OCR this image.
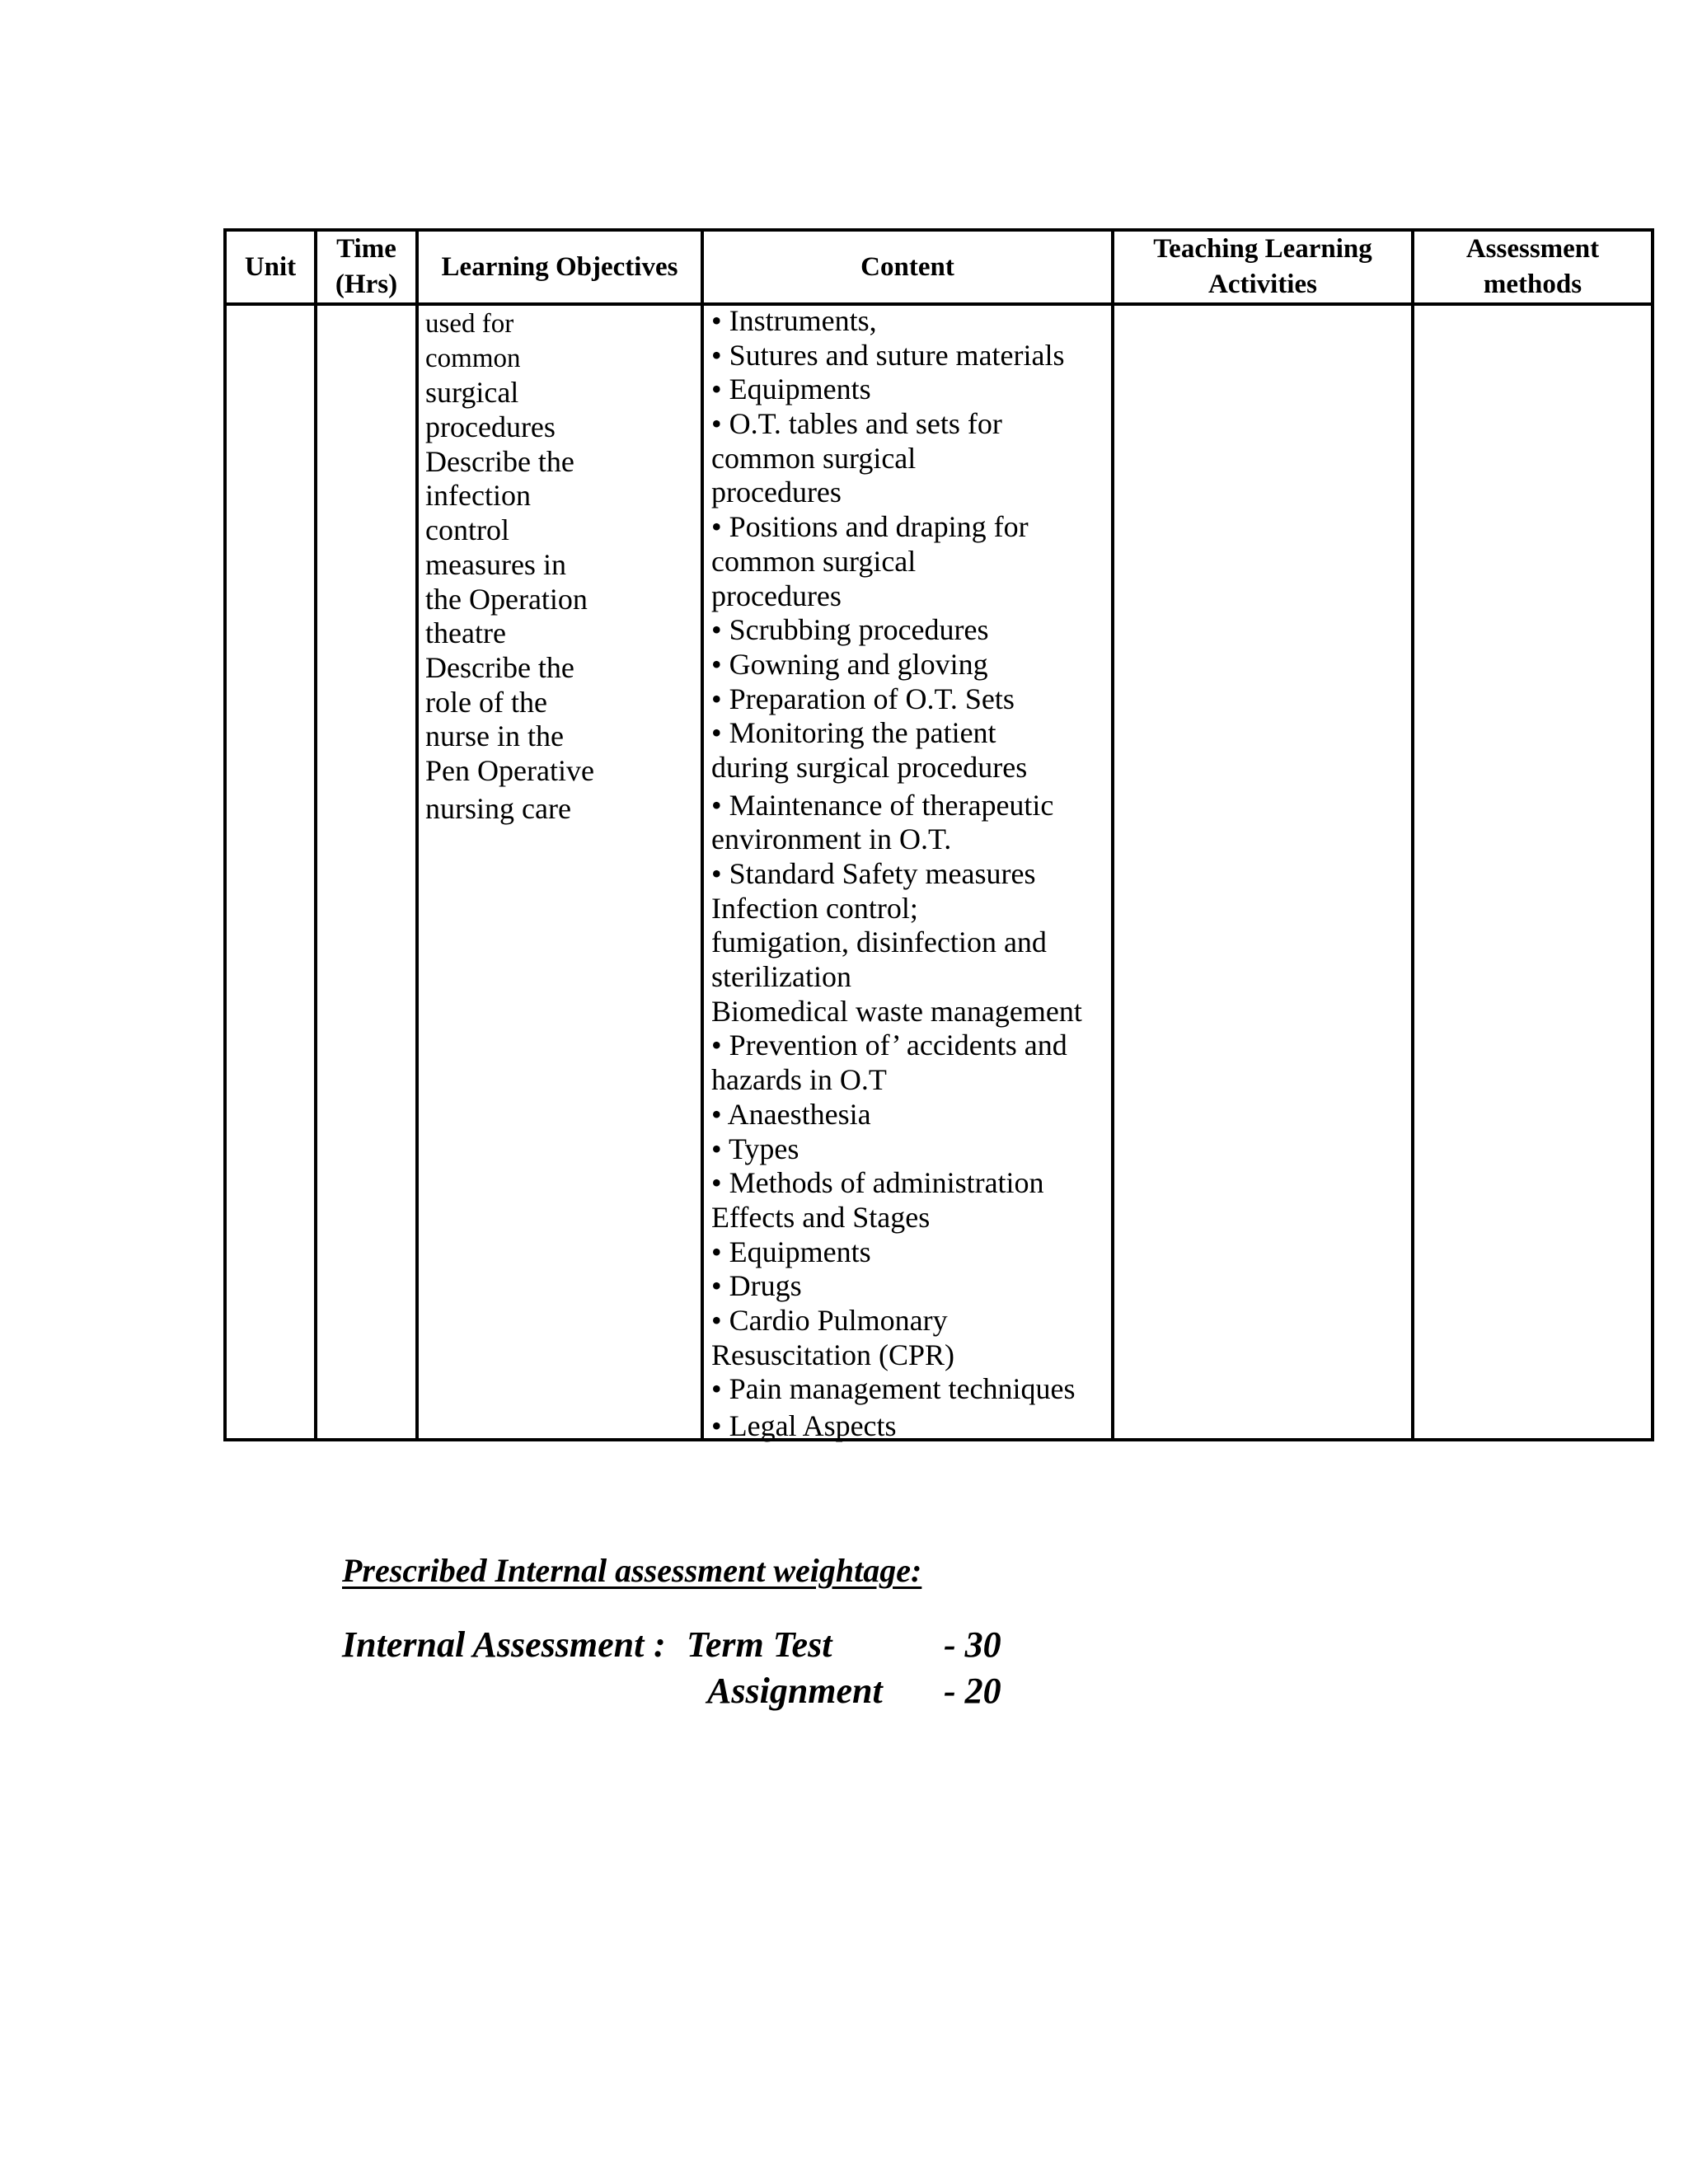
Unit
Time
(Hrs)
Learning Objectives	Content
Teaching Learning
Activities
Assessment
methods
used for
common
surgical
procedures
Describe the
infection
control
measures in
the Operation
theatre
Describe the
role of the
nurse in the
Pen Operative
nursing care
• Instruments,
• Sutures and suture materials
• Equipments
• O.T. tables and sets for
common surgical
procedures
• Positions and draping for
common surgical
procedures
• Scrubbing procedures
• Gowning and gloving
• Preparation of O.T. Sets
• Monitoring the patient
during surgical procedures
• Maintenance of therapeutic
environment in O.T.
• Standard Safety measures
Infection control;
fumigation, disinfection and
sterilization
Biomedical waste management
• Prevention of’ accidents and
hazards in O.T
• Anaesthesia
• Types
• Methods of administration
Effects and Stages
• Equipments
• Drugs
• Cardio Pulmonary
Resuscitation (CPR)
• Pain management techniques
• Legal Aspects
Prescribed Internal assessment weightage:
Internal Assessment : Term Test	- 30
Assignment - 20
